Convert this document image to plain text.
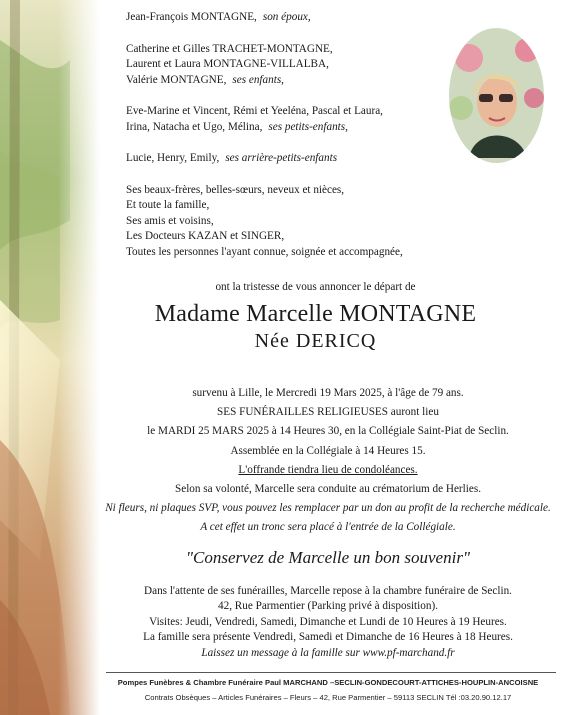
Jean-François MONTAGNE, son époux,

Catherine et Gilles TRACHET-MONTAGNE,
Laurent et Laura MONTAGNE-VILLALBA,
Valérie MONTAGNE, ses enfants,

Eve-Marine et Vincent, Rémi et Yeeléna, Pascal et Laura,
Irina, Natacha et Ugo, Mélina, ses petits-enfants,

Lucie, Henry, Emily, ses arrière-petits-enfants

Ses beaux-frères, belles-sœurs, neveux et nièces,
Et toute la famille,
Ses amis et voisins,
Les Docteurs KAZAN et SINGER,
Toutes les personnes l'ayant connue, soignée et accompagnée,

ont la tristesse de vous annoncer le départ de
Madame Marcelle MONTAGNE
Née DERICQ
survenu à Lille, le Mercredi 19 Mars 2025, à l'âge de 79 ans.
SES FUNÉRAILLES RELIGIEUSES auront lieu
le MARDI 25 MARS 2025 à 14 Heures 30, en la Collégiale Saint-Piat de Seclin.
Assemblée en la Collégiale à 14 Heures 15.
L'offrande tiendra lieu de condoléances.
Selon sa volonté, Marcelle sera conduite au crématorium de Herlies.
Ni fleurs, ni plaques SVP, vous pouvez les remplacer par un don au profit de la recherche médicale.
A cet effet un tronc sera placé à l'entrée de la Collégiale.
"Conservez de Marcelle un bon souvenir"
Dans l'attente de ses funérailles, Marcelle repose à la chambre funéraire de Seclin.
42, Rue Parmentier (Parking privé à disposition).
Visites: Jeudi, Vendredi, Samedi, Dimanche et Lundi de 10 Heures à 19 Heures.
La famille sera présente Vendredi, Samedi et Dimanche de 16 Heures à 18 Heures.
Laissez un message à la famille sur www.pf-marchand.fr
Pompes Funèbres & Chambre Funéraire Paul MARCHAND –SECLIN-GONDECOURT-ATTICHES-HOUPLIN-ANCOISNE
Contrats Obsèques – Articles Funéraires – Fleurs – 42, Rue Parmentier – 59113 SECLIN Tél :03.20.90.12.17
